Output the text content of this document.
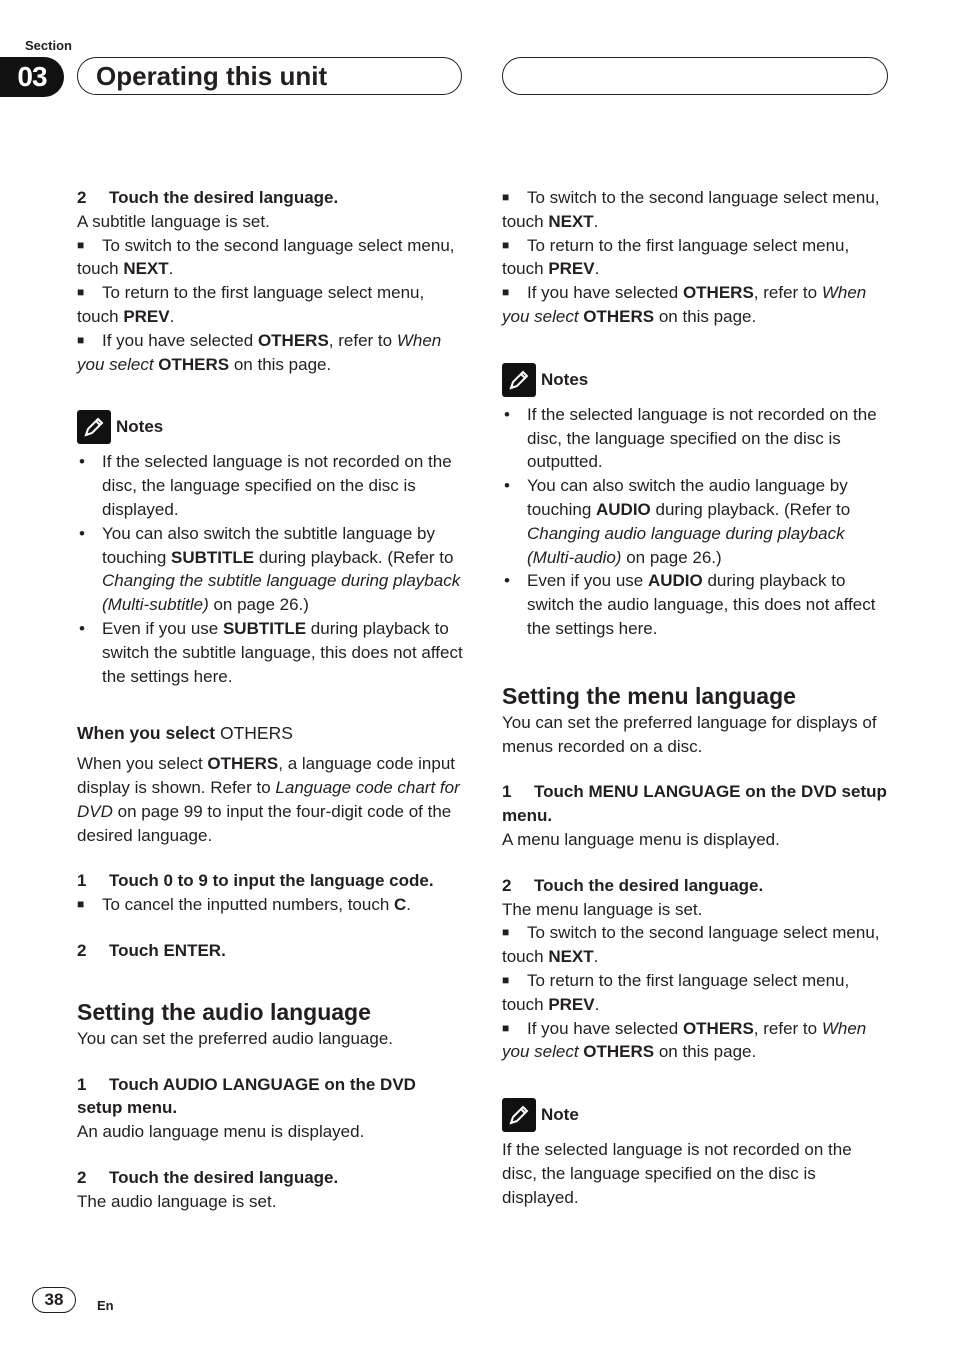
Section
03	Operating this unit

2 Touch the desired language.

A subtitle language is set.

■ To switch to the second language select menu, touch NEXT.

■ To return to the first language select menu, touch PREV.

■ If you have selected OTHERS, refer to When you select OTHERS on this page.

Notes
• If the selected language is not recorded on the disc, the language specified on the disc is displayed.
• You can also switch the subtitle language by touching SUBTITLE during playback. (Refer to Changing the subtitle language during playback (Multi-subtitle) on page 26.)
• Even if you use SUBTITLE during playback to switch the subtitle language, this does not affect the settings here.

When you select OTHERS

When you select OTHERS, a language code input display is shown. Refer to Language code chart for DVD on page 99 to input the four-digit code of the desired language.

1 Touch 0 to 9 to input the language code.

■ To cancel the inputted numbers, touch C.

2 Touch ENTER.

Setting the audio language

You can set the preferred audio language.

1 Touch AUDIO LANGUAGE on the DVD setup menu.

An audio language menu is displayed.

2 Touch the desired language.

The audio language is set.

■ To switch to the second language select menu, touch NEXT.

■ To return to the first language select menu, touch PREV.

■ If you have selected OTHERS, refer to When you select OTHERS on this page.

Notes
• If the selected language is not recorded on the disc, the language specified on the disc is outputted.
• You can also switch the audio language by touching AUDIO during playback. (Refer to Changing audio language during playback (Multi-audio) on page 26.)
• Even if you use AUDIO during playback to switch the audio language, this does not affect the settings here.

Setting the menu language

You can set the preferred language for displays of menus recorded on a disc.

1 Touch MENU LANGUAGE on the DVD setup menu.

A menu language menu is displayed.

2 Touch the desired language.

The menu language is set.

■ To switch to the second language select menu, touch NEXT.

■ To return to the first language select menu, touch PREV.

■ If you have selected OTHERS, refer to When you select OTHERS on this page.

Note

If the selected language is not recorded on the disc, the language specified on the disc is displayed.

38	En
